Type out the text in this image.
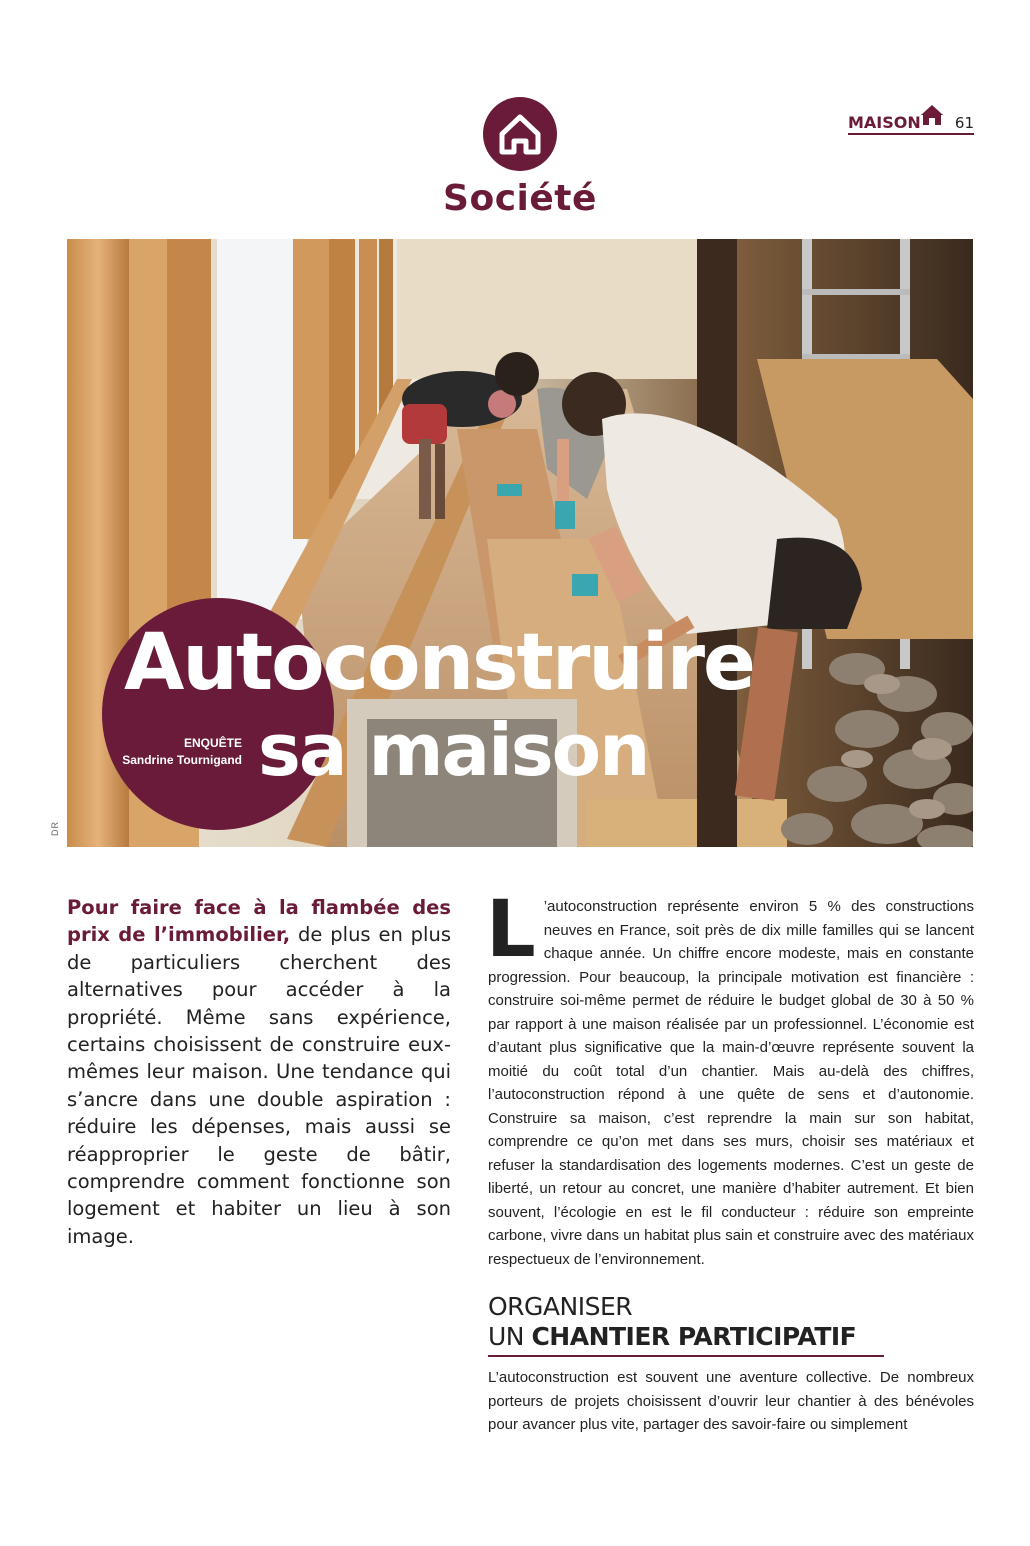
Société
MAISON 61
DR
Autoconstruire
sa maison
ENQUÊTE
Sandrine Tournigand
Pour faire face à la flambée des prix de l’immobilier, de plus en plus de particuliers cherchent des alternatives pour accéder à la propriété. Même sans expérience, certains choisissent de construire eux-mêmes leur maison. Une tendance qui s’ancre dans une double aspiration : réduire les dépenses, mais aussi se réapproprier le geste de bâtir, comprendre comment fonctionne son logement et habiter un lieu à son image.
L ’autoconstruction représente environ 5 % des constructions neuves en France, soit près de dix mille familles qui se lancent chaque année. Un chiffre encore modeste, mais en constante progression. Pour beaucoup, la principale motivation est financière : construire soi-même permet de réduire le budget global de 30 à 50 % par rapport à une maison réalisée par un professionnel. L’économie est d’autant plus significative que la main-d’œuvre représente souvent la moitié du coût total d’un chantier. Mais au-delà des chiffres, l’autoconstruction répond à une quête de sens et d’autonomie. Construire sa maison, c’est reprendre la main sur son habitat, comprendre ce qu’on met dans ses murs, choisir ses matériaux et refuser la standardisation des logements modernes. C’est un geste de liberté, un retour au concret, une manière d’habiter autrement. Et bien souvent, l’écologie en est le fil conducteur : réduire son empreinte carbone, vivre dans un habitat plus sain et construire avec des matériaux respectueux de l’environnement.
ORGANISER
UN CHANTIER PARTICIPATIF
L’autoconstruction est souvent une aventure collective. De nombreux porteurs de projets choisissent d’ouvrir leur chantier à des bénévoles pour avancer plus vite, partager des savoir-faire ou simplement
